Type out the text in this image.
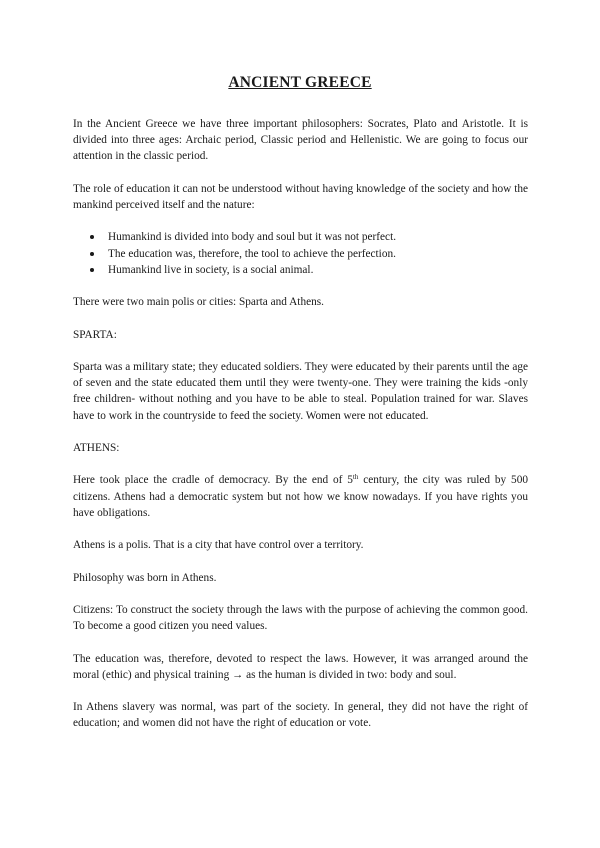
ANCIENT GREECE

In the Ancient Greece we have three important philosophers: Socrates, Plato and Aristotle. It is divided into three ages: Archaic period, Classic period and Hellenistic. We are going to focus our attention in the classic period.

The role of education it can not be understood without having knowledge of the society and how the mankind perceived itself and the nature:

Humankind is divided into body and soul but it was not perfect.
The education was, therefore, the tool to achieve the perfection.
Humankind live in society, is a social animal.

There were two main polis or cities: Sparta and Athens.

SPARTA:

Sparta was a military state; they educated soldiers. They were educated by their parents until the age of seven and the state educated them until they were twenty-one. They were training the kids -only free children- without nothing and you have to be able to steal. Population trained for war. Slaves have to work in the countryside to feed the society. Women were not educated.

ATHENS:

Here took place the cradle of democracy. By the end of 5th century, the city was ruled by 500 citizens. Athens had a democratic system but not how we know nowadays. If you have rights you have obligations.

Athens is a polis. That is a city that have control over a territory.

Philosophy was born in Athens.

Citizens: To construct the society through the laws with the purpose of achieving the common good. To become a good citizen you need values.

The education was, therefore, devoted to respect the laws. However, it was arranged around the moral (ethic) and physical training → as the human is divided in two: body and soul.

In Athens slavery was normal, was part of the society. In general, they did not have the right of education; and women did not have the right of education or vote.
